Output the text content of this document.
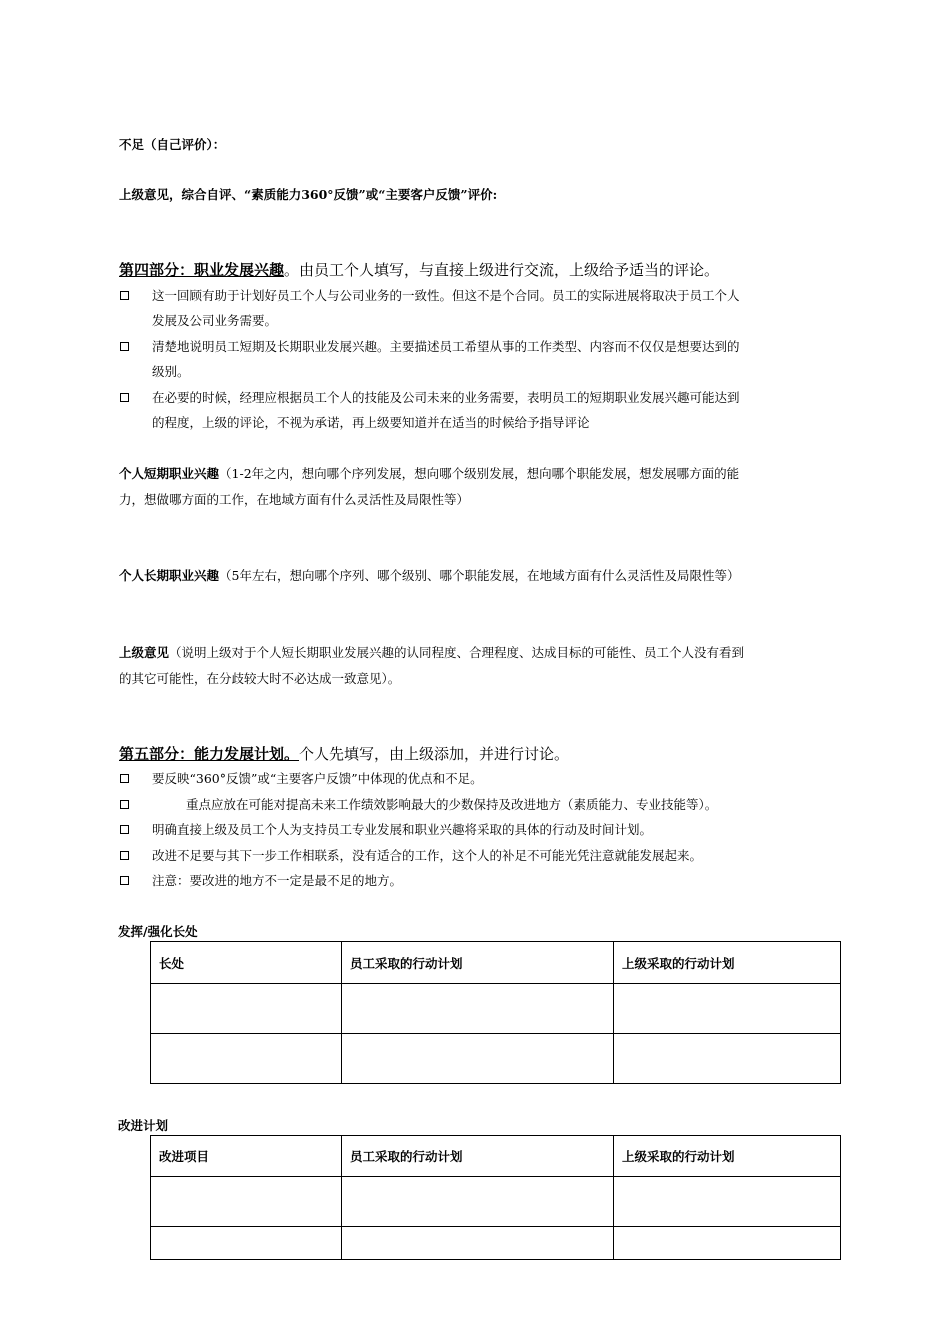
不足（自己评价）：
上级意见，综合自评、“素质能力360°反馈”或“主要客户反馈”评价:
第四部分：职业发展兴趣。由员工个人填写，与直接上级进行交流，上级给予适当的评论。
这一回顾有助于计划好员工个人与公司业务的一致性。但这不是个合同。员工的实际进展将取决于员工个人
发展及公司业务需要。
清楚地说明员工短期及长期职业发展兴趣。主要描述员工希望从事的工作类型、内容而不仅仅是想要达到的
级别。
在必要的时候，经理应根据员工个人的技能及公司未来的业务需要，表明员工的短期职业发展兴趣可能达到
的程度，上级的评论，不视为承诺，再上级要知道并在适当的时候给予指导评论
个人短期职业兴趣（1-2年之内，想向哪个序列发展，想向哪个级别发展，想向哪个职能发展，想发展哪方面的能
力，想做哪方面的工作，在地域方面有什么灵活性及局限性等）
个人长期职业兴趣（5年左右，想向哪个序列、哪个级别、哪个职能发展，在地域方面有什么灵活性及局限性等）
上级意见（说明上级对于个人短长期职业发展兴趣的认同程度、合理程度、达成目标的可能性、员工个人没有看到
的其它可能性，在分歧较大时不必达成一致意见）。
第五部分：能力发展计划。个人先填写，由上级添加，并进行讨论。
要反映“360°反馈”或“主要客户反馈”中体现的优点和不足。
重点应放在可能对提高未来工作绩效影响最大的少数保持及改进地方（素质能力、专业技能等）。
明确直接上级及员工个人为支持员工专业发展和职业兴趣将采取的具体的行动及时间计划。
改进不足要与其下一步工作相联系，没有适合的工作，这个人的补足不可能光凭注意就能发展起来。
注意：要改进的地方不一定是最不足的地方。
发挥/强化长处
长处	员工采取的行动计划	上级采取的行动计划

改进计划
改进项目	员工采取的行动计划	上级采取的行动计划
